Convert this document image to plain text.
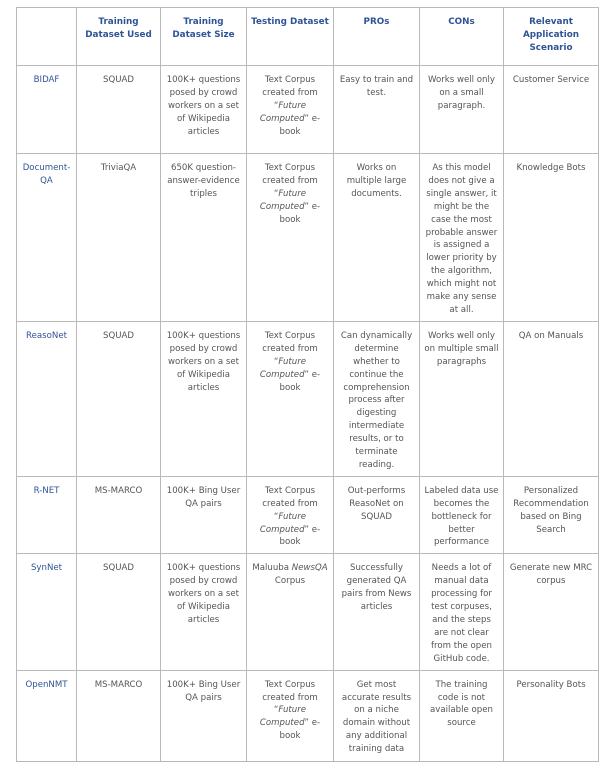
	Training Dataset Used	Training Dataset Size	Testing Dataset	PROs	CONs	Relevant Application Scenario
BIDAF	SQUAD	100K+ questions posed by crowd workers on a set of Wikipedia articles	Text Corpus created from “Future Computed” e-book	Easy to train and test.	Works well only on a small paragraph.	Customer Service
Document-QA	TriviaQA	650K question-answer-evidence triples	Text Corpus created from “Future Computed” e-book	Works on multiple large documents.	As this model does not give a single answer, it might be the case the most probable answer is assigned a lower priority by the algorithm, which might not make any sense at all.	Knowledge Bots
ReasoNet	SQUAD	100K+ questions posed by crowd workers on a set of Wikipedia articles	Text Corpus created from “Future Computed” e-book	Can dynamically determine whether to continue the comprehension process after digesting intermediate results, or to terminate reading.	Works well only on multiple small paragraphs	QA on Manuals
R-NET	MS-MARCO	100K+ Bing User QA pairs	Text Corpus created from “Future Computed” e-book	Out-performs ReasoNet on SQUAD	Labeled data use becomes the bottleneck for better performance	Personalized Recommendation based on Bing Search
SynNet	SQUAD	100K+ questions posed by crowd workers on a set of Wikipedia articles	Maluuba NewsQA Corpus	Successfully generated QA pairs from News articles	Needs a lot of manual data processing for test corpuses, and the steps are not clear from the open GitHub code.	Generate new MRC corpus
OpenNMT	MS-MARCO	100K+ Bing User QA pairs	Text Corpus created from “Future Computed” e-book	Get most accurate results on a niche domain without any additional training data	The training code is not available open source	Personality Bots
